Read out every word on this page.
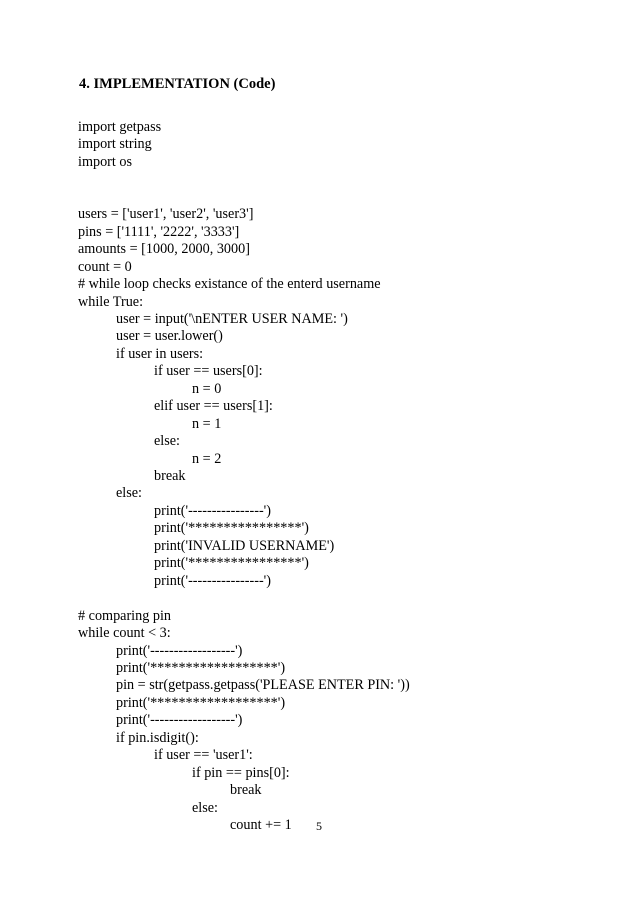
4. IMPLEMENTATION (Code)
import getpass
import string
import os
users = ['user1', 'user2', 'user3']
pins = ['1111', '2222', '3333']
amounts = [1000, 2000, 3000]
count = 0
# while loop checks existance of the enterd username
while True:
user = input('\nENTER USER NAME: ')
user = user.lower()
if user in users:
if user == users[0]:
n = 0
elif user == users[1]:
n = 1
else:
n = 2
break
else:
print('----------------')
print('****************')
print('INVALID USERNAME')
print('****************')
print('----------------')
# comparing pin
while count < 3:
print('------------------')
print('******************')
pin = str(getpass.getpass('PLEASE ENTER PIN: '))
print('******************')
print('------------------')
if pin.isdigit():
if user == 'user1':
if pin == pins[0]:
break
else:
count += 1 5
